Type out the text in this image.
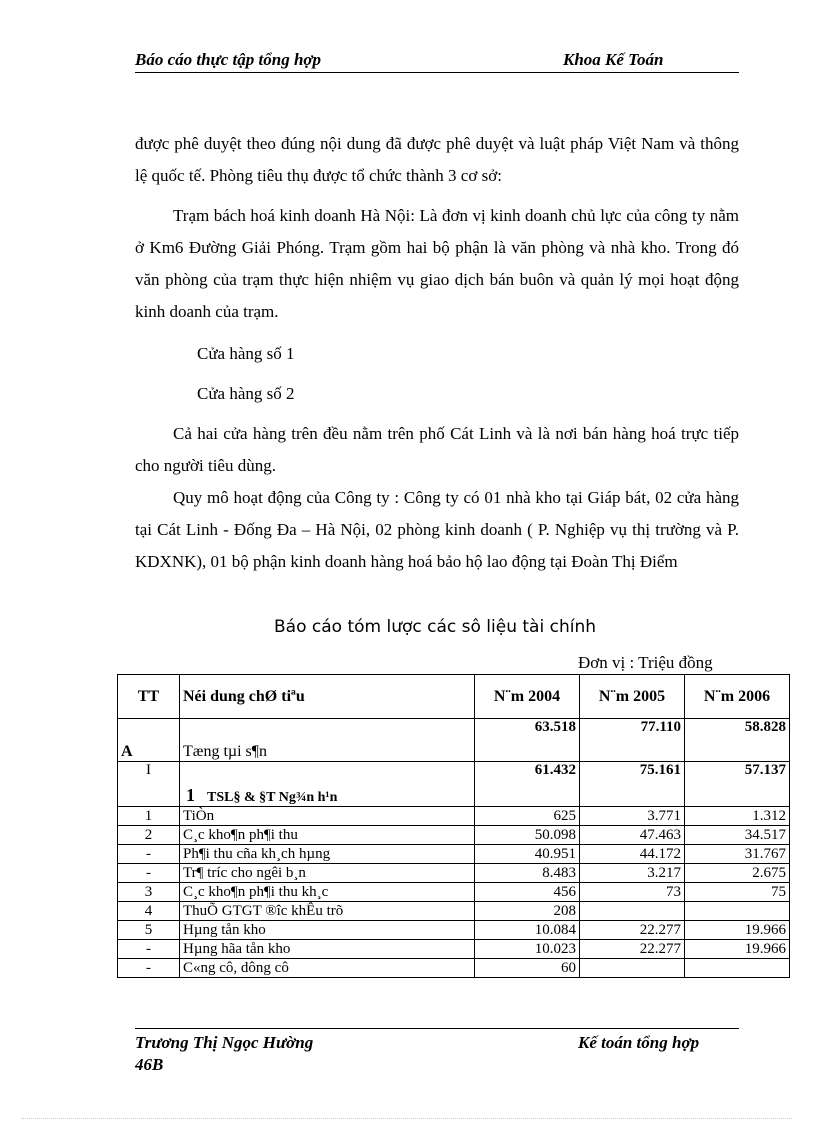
Báo cáo thực tập tổng hợp	Khoa Kế Toán

được phê duyệt theo đúng nội dung đã được phê duyệt và luật pháp Việt Nam và thông lệ quốc tế. Phòng tiêu thụ được tổ chức thành 3 cơ sở:

Trạm bách hoá kinh doanh Hà Nội: Là đơn vị kinh doanh chủ lực của công ty nằm ở Km6 Đường Giải Phóng. Trạm gồm hai bộ phận là văn phòng và nhà kho. Trong đó văn phòng của trạm thực hiện nhiệm vụ giao dịch bán buôn và quản lý mọi hoạt động kinh doanh của trạm.

Cửa hàng số 1
Cửa hàng số 2

Cả hai cửa hàng trên đều nằm trên phố Cát Linh và là nơi bán hàng hoá trực tiếp cho người tiêu dùng.

Quy mô hoạt động của Công ty : Công ty có 01 nhà kho tại Giáp bát, 02 cửa hàng tại Cát Linh - Đống Đa – Hà Nội, 02 phòng kinh doanh ( P. Nghiệp vụ thị trường và P. KDXNK), 01 bộ phận kinh doanh hàng hoá bảo hộ lao động tại Đoàn Thị Điểm

Báo cáo tóm lược các sô liệu tài chính
Đơn vị : Triệu đồng
TT	Néi dung chØ tiªu	N¨m 2004	N¨m 2005	N¨m 2006
A	Tæng tµi s¶n	63.518	77.110	58.828
I	1 TSL§ & §T Ng¾n h¹n	61.432	75.161	57.137
1	TiÒn	625	3.771	1.312
2	C¸c kho¶n ph¶i thu	50.098	47.463	34.517
-	Ph¶i thu cña kh¸ch hµng	40.951	44.172	31.767
-	Tr¶ tríc cho ngêi b¸n	8.483	3.217	2.675
3	C¸c kho¶n ph¶i thu kh¸c	456	73	75
4	ThuÕ GTGT ®îc khÊu trõ	208		
5	Hµng tån kho	10.084	22.277	19.966
-	Hµng hãa tån kho	10.023	22.277	19.966
-	C«ng cô, dông cô	60		
Trương Thị Ngọc Hường
46B
Kế toán tổng hợp
